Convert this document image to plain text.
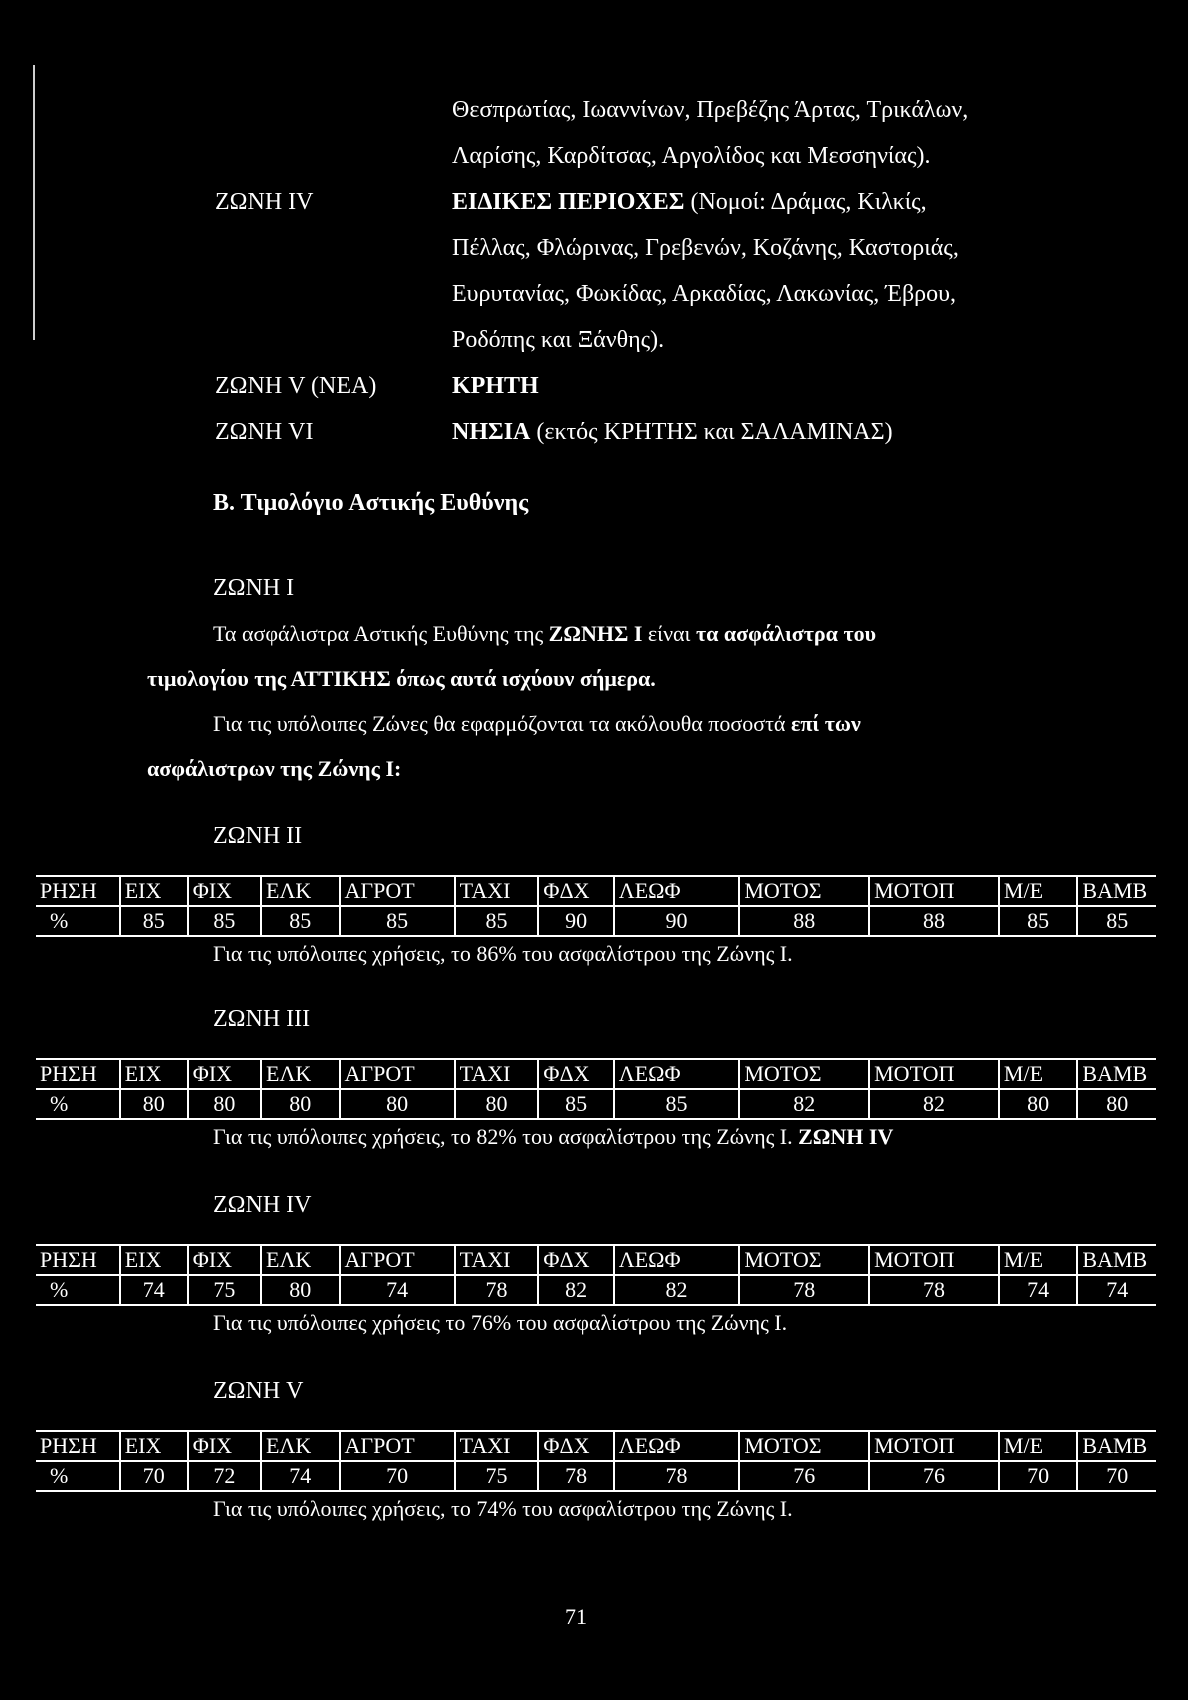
Θεσπρωτίας, Ιωαννίνων, Πρεβέζης Άρτας, Τρικάλων,
Λαρίσης, Καρδίτσας, Αργολίδος και Μεσσηνίας).
ΖΩΝΗ IV	ΕΙΔΙΚΕΣ ΠΕΡΙΟΧΕΣ (Νομοί: Δράμας, Κιλκίς,
Πέλλας, Φλώρινας, Γρεβενών, Κοζάνης, Καστοριάς,
Ευρυτανίας, Φωκίδας, Αρκαδίας, Λακωνίας, Έβρου,
Ροδόπης και Ξάνθης).
ΖΩΝΗ V (ΝΕΑ)	ΚΡΗΤΗ
ΖΩΝΗ VI	ΝΗΣΙΑ (εκτός ΚΡΗΤΗΣ και ΣΑΛΑΜΙΝΑΣ)
Β. Τιμολόγιο Αστικής Ευθύνης
ΖΩΝΗ I
Τα ασφάλιστρα Αστικής Ευθύνης της ΖΩΝΗΣ I είναι τα ασφάλιστρα του
τιμολογίου της ΑΤΤΙΚΗΣ όπως αυτά ισχύουν σήμερα.
Για τις υπόλοιπες Ζώνες θα εφαρμόζονται τα ακόλουθα ποσοστά επί των
ασφάλιστρων της Ζώνης I:
ΖΩΝΗ II
ΡΗΣΗ	ΕΙΧ	ΦΙΧ	ΕΛΚ	ΑΓΡΟΤ	ΤΑΧΙ	ΦΔΧ	ΛΕΩΦ	ΜΟΤΟΣ	ΜΟΤΟΠ	Μ/Ε	ΒΑΜΒ
%	85	85	85	85	85	90	90	88	88	85	85
Για τις υπόλοιπες χρήσεις, το 86% του ασφαλίστρου της Ζώνης I.
ΖΩΝΗ III
ΡΗΣΗ	ΕΙΧ	ΦΙΧ	ΕΛΚ	ΑΓΡΟΤ	ΤΑΧΙ	ΦΔΧ	ΛΕΩΦ	ΜΟΤΟΣ	ΜΟΤΟΠ	Μ/Ε	ΒΑΜΒ
%	80	80	80	80	80	85	85	82	82	80	80
Για τις υπόλοιπες χρήσεις, το 82% του ασφαλίστρου της Ζώνης I. ΖΩΝΗ IV
ΖΩΝΗ IV
ΡΗΣΗ	ΕΙΧ	ΦΙΧ	ΕΛΚ	ΑΓΡΟΤ	ΤΑΧΙ	ΦΔΧ	ΛΕΩΦ	ΜΟΤΟΣ	ΜΟΤΟΠ	Μ/Ε	ΒΑΜΒ
%	74	75	80	74	78	82	82	78	78	74	74
Για τις υπόλοιπες χρήσεις το 76% του ασφαλίστρου της Ζώνης I.
ΖΩΝΗ V
ΡΗΣΗ	ΕΙΧ	ΦΙΧ	ΕΛΚ	ΑΓΡΟΤ	ΤΑΧΙ	ΦΔΧ	ΛΕΩΦ	ΜΟΤΟΣ	ΜΟΤΟΠ	Μ/Ε	ΒΑΜΒ
%	70	72	74	70	75	78	78	76	76	70	70
Για τις υπόλοιπες χρήσεις, το 74% του ασφαλίστρου της Ζώνης I.
71
